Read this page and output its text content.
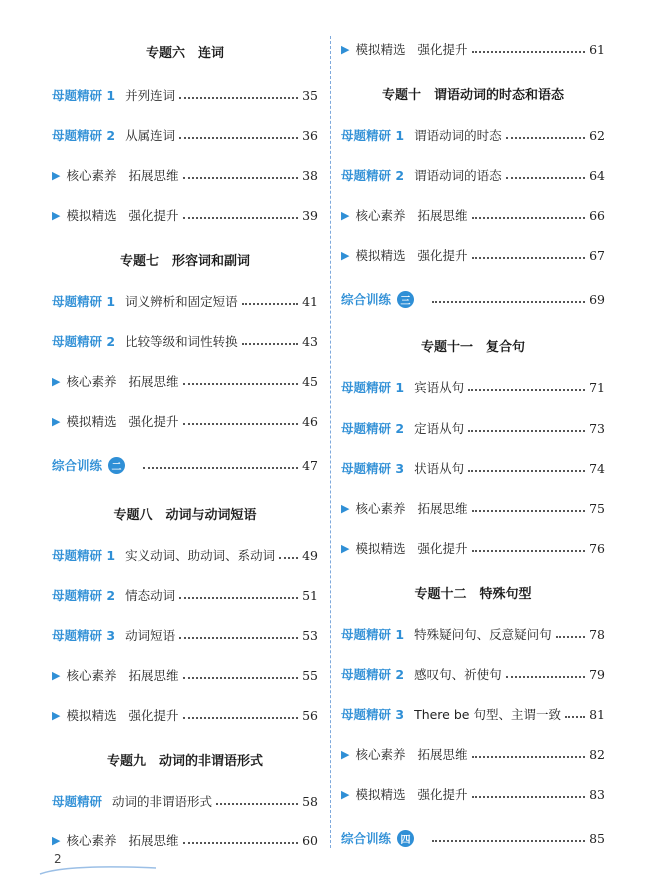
专题六　连词
母题精研 1 并列连词	35
母题精研 2 从属连词	36
▶ 核心素养 拓展思维	38
▶ 模拟精选 强化提升	39
专题七　形容词和副词
母题精研 1 词义辨析和固定短语	41
母题精研 2 比较等级和词性转换	43
▶ 核心素养 拓展思维	45
▶ 模拟精选 强化提升	46
综合训练 二	47
专题八　动词与动词短语
母题精研 1 实义动词、助动词、系动词 49
母题精研 2 情态动词	51
母题精研 3 动词短语	53
▶ 核心素养 拓展思维	55
▶ 模拟精选 强化提升	56
专题九　动词的非谓语形式
母题精研 动词的非谓语形式	58
▶ 核心素养 拓展思维	60
▶ 模拟精选 强化提升	61
专题十　谓语动词的时态和语态
母题精研 1 谓语动词的时态	62
母题精研 2 谓语动词的语态	64
▶ 核心素养 拓展思维	66
▶ 模拟精选 强化提升	67
综合训练 三	69
专题十一　复合句
母题精研 1 宾语从句	71
母题精研 2 定语从句	73
母题精研 3 状语从句	74
▶ 核心素养 拓展思维	75
▶ 模拟精选 强化提升	76
专题十二　特殊句型
母题精研 1 特殊疑问句、反意疑问句	78
母题精研 2 感叹句、祈使句	79
母题精研 3 There be 句型、主谓一致 81
▶ 核心素养 拓展思维	82
▶ 模拟精选 强化提升	83
综合训练 四	85
2
